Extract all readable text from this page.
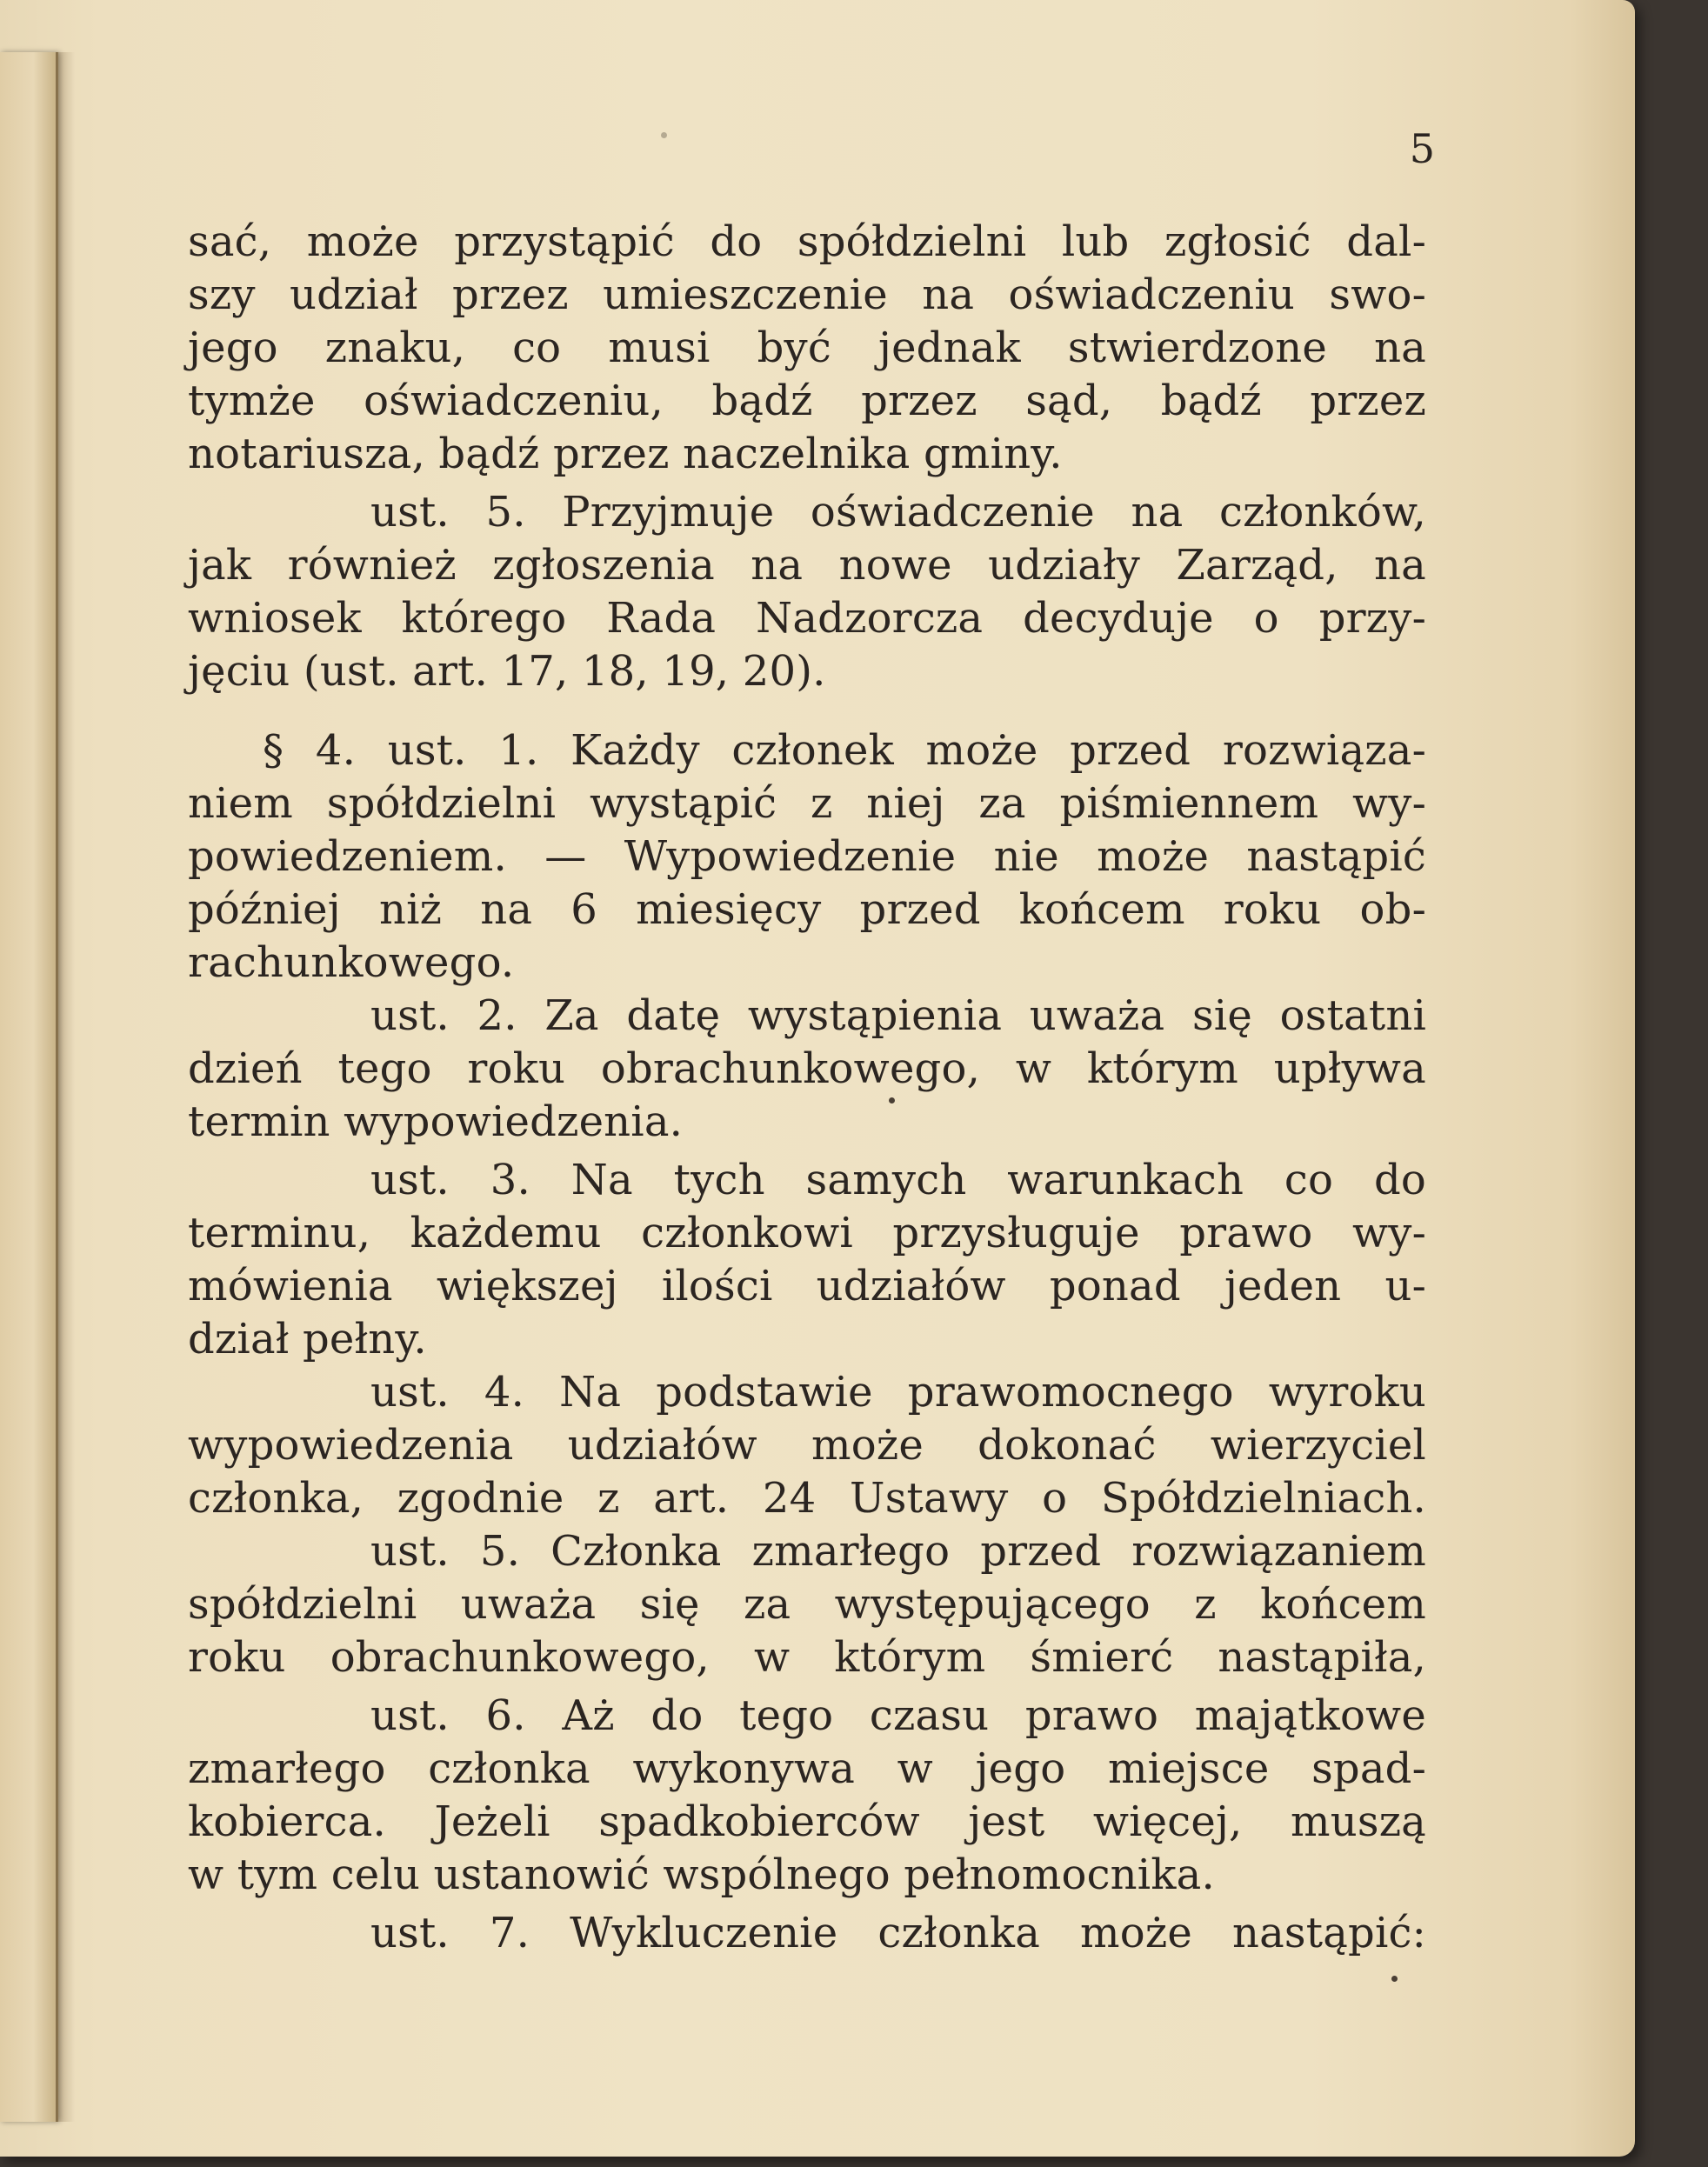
5
sać, może przystąpić do spółdzielni lub zgłosić dal-
szy udział przez umieszczenie na oświadczeniu swo-
jego znaku, co musi być jednak stwierdzone na
tymże oświadczeniu, bądź przez sąd, bądź przez
notariusza, bądź przez naczelnika gminy.
ust. 5. Przyjmuje oświadczenie na członków,
jak również zgłoszenia na nowe udziały Zarząd, na
wniosek którego Rada Nadzorcza decyduje o przy-
jęciu (ust. art. 17, 18, 19, 20).
§ 4. ust. 1. Każdy członek może przed rozwiąza-
niem spółdzielni wystąpić z niej za piśmiennem wy-
powiedzeniem. — Wypowiedzenie nie może nastąpić
później niż na 6 miesięcy przed końcem roku ob-
rachunkowego.
ust. 2. Za datę wystąpienia uważa się ostatni
dzień tego roku obrachunkowego, w którym upływa
termin wypowiedzenia.
ust. 3. Na tych samych warunkach co do
terminu, każdemu członkowi przysługuje prawo wy-
mówienia większej ilości udziałów ponad jeden u-
dział pełny.
ust. 4. Na podstawie prawomocnego wyroku
wypowiedzenia udziałów może dokonać wierzyciel
członka, zgodnie z art. 24 Ustawy o Spółdzielniach.
ust. 5. Członka zmarłego przed rozwiązaniem
spółdzielni uważa się za występującego z końcem
roku obrachunkowego, w którym śmierć nastąpiła,
ust. 6. Aż do tego czasu prawo majątkowe
zmarłego członka wykonywa w jego miejsce spad-
kobierca. Jeżeli spadkobierców jest więcej, muszą
w tym celu ustanowić wspólnego pełnomocnika.
ust. 7. Wykluczenie członka może nastąpić:
